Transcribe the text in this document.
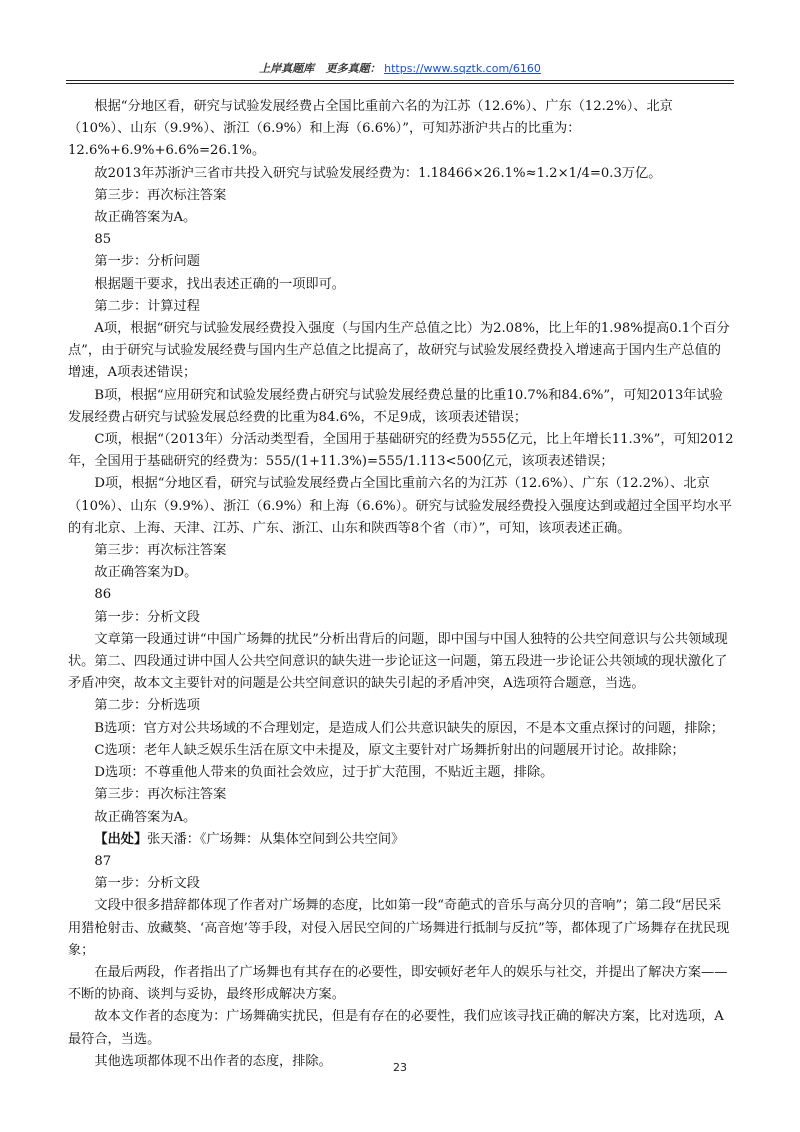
上岸真题库 更多真题： https://www.sqztk.com/6160

根据“分地区看，研究与试验发展经费占全国比重前六名的为江苏（12.6%）、广东（12.2%）、北京（10%）、山东（9.9%）、浙江（6.9%）和上海（6.6%）”，可知苏浙沪共占的比重为：12.6%+6.9%+6.6%=26.1%。

故2013年苏浙沪三省市共投入研究与试验发展经费为：1.18466×26.1%≈1.2×1/4=0.3万亿。

第三步：再次标注答案

故正确答案为A。

85

第一步：分析问题

根据题干要求，找出表述正确的一项即可。

第二步：计算过程

A项，根据“研究与试验发展经费投入强度（与国内生产总值之比）为2.08%，比上年的1.98%提高0.1个百分点”，由于研究与试验发展经费与国内生产总值之比提高了，故研究与试验发展经费投入增速高于国内生产总值的增速，A项表述错误；

B项，根据“应用研究和试验发展经费占研究与试验发展经费总量的比重10.7%和84.6%”，可知2013年试验发展经费占研究与试验发展总经费的比重为84.6%，不足9成，该项表述错误；

C项，根据“（2013年）分活动类型看，全国用于基础研究的经费为555亿元，比上年增长11.3%”，可知2012年，全国用于基础研究的经费为：555/(1+11.3%)=555/1.113<500亿元，该项表述错误；

D项，根据“分地区看，研究与试验发展经费占全国比重前六名的为江苏（12.6%）、广东（12.2%）、北京（10%）、山东（9.9%）、浙江（6.9%）和上海（6.6%）。研究与试验发展经费投入强度达到或超过全国平均水平的有北京、上海、天津、江苏、广东、浙江、山东和陕西等8个省（市）”，可知，该项表述正确。

第三步：再次标注答案

故正确答案为D。

86

第一步：分析文段

文章第一段通过讲“中国广场舞的扰民”分析出背后的问题，即中国与中国人独特的公共空间意识与公共领域现状。第二、四段通过讲中国人公共空间意识的缺失进一步论证这一问题，第五段进一步论证公共领域的现状激化了矛盾冲突，故本文主要针对的问题是公共空间意识的缺失引起的矛盾冲突，A选项符合题意，当选。

第二步：分析选项

B选项：官方对公共场域的不合理划定，是造成人们公共意识缺失的原因，不是本文重点探讨的问题，排除；

C选项：老年人缺乏娱乐生活在原文中未提及，原文主要针对广场舞折射出的问题展开讨论。故排除；

D选项：不尊重他人带来的负面社会效应，过于扩大范围，不贴近主题，排除。

第三步：再次标注答案

故正确答案为A。

【出处】张天潘：《广场舞：从集体空间到公共空间》

87

第一步：分析文段

文段中很多措辞都体现了作者对广场舞的态度，比如第一段“奇葩式的音乐与高分贝的音响”；第二段“居民采用猎枪射击、放藏獒、‘高音炮’等手段，对侵入居民空间的广场舞进行抵制与反抗”等，都体现了广场舞存在扰民现象；

在最后两段，作者指出了广场舞也有其存在的必要性，即安顿好老年人的娱乐与社交，并提出了解决方案——不断的协商、谈判与妥协，最终形成解决方案。

故本文作者的态度为：广场舞确实扰民，但是有存在的必要性，我们应该寻找正确的解决方案，比对选项，A最符合，当选。

其他选项都体现不出作者的态度，排除。	23
